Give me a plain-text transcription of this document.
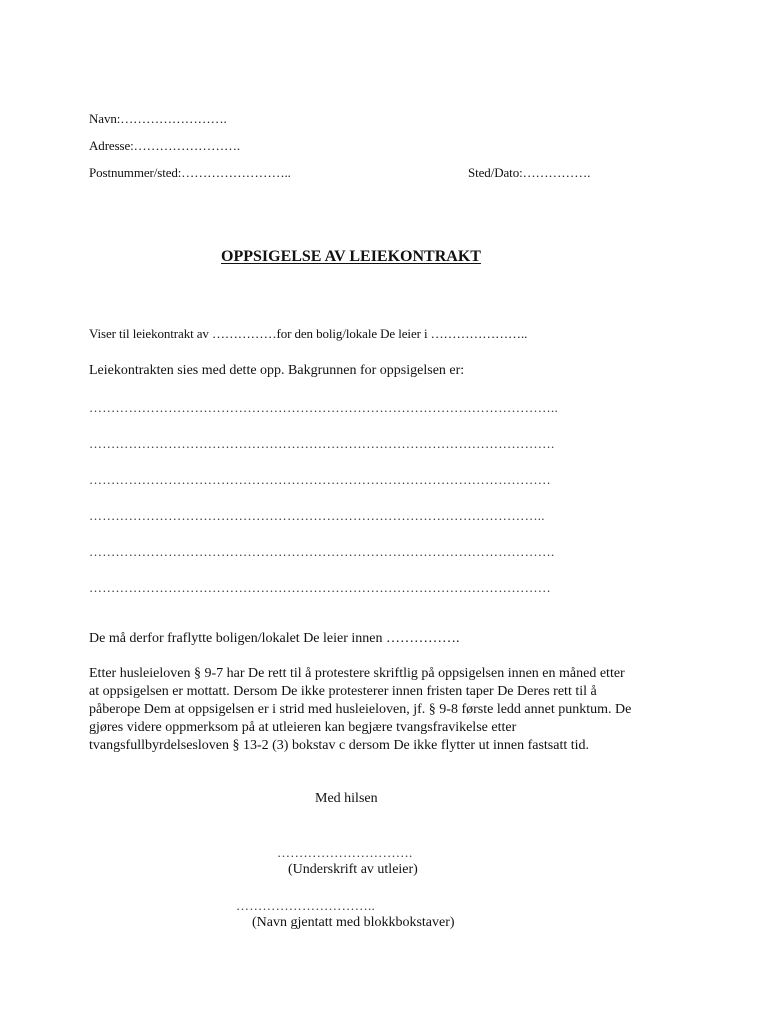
Navn:…………………….
Adresse:…………………….
Postnummer/sted:……………………..	Sted/Dato:…………….
OPPSIGELSE AV LEIEKONTRAKT
Viser til leiekontrakt av ……………for den bolig/lokale De leier i …………………..
Leiekontrakten sies med dette opp. Bakgrunnen for oppsigelsen er:
……………………………………………………………………………………………..
…………………………………………………………………………………………….
……………………………………………………………………………………………
…………………………………………………………………………………………..
…………………………………………………………………………………………….
……………………………………………………………………………………………
De må derfor fraflytte boligen/lokalet De leier innen …………….
Etter husleieloven § 9-7 har De rett til å protestere skriftlig på oppsigelsen innen en måned etter
at oppsigelsen er mottatt. Dersom De ikke protesterer innen fristen taper De Deres rett til å
påberope Dem at oppsigelsen er i strid med husleieloven, jf. § 9-8 første ledd annet punktum. De
gjøres videre oppmerksom på at utleieren kan begjære tvangsfravikelse etter
tvangsfullbyrdelsesloven § 13-2 (3) bokstav c dersom De ikke flytter ut innen fastsatt tid.
Med hilsen
………………………….
(Underskrift av utleier)
…………………………..
(Navn gjentatt med blokkbokstaver)
